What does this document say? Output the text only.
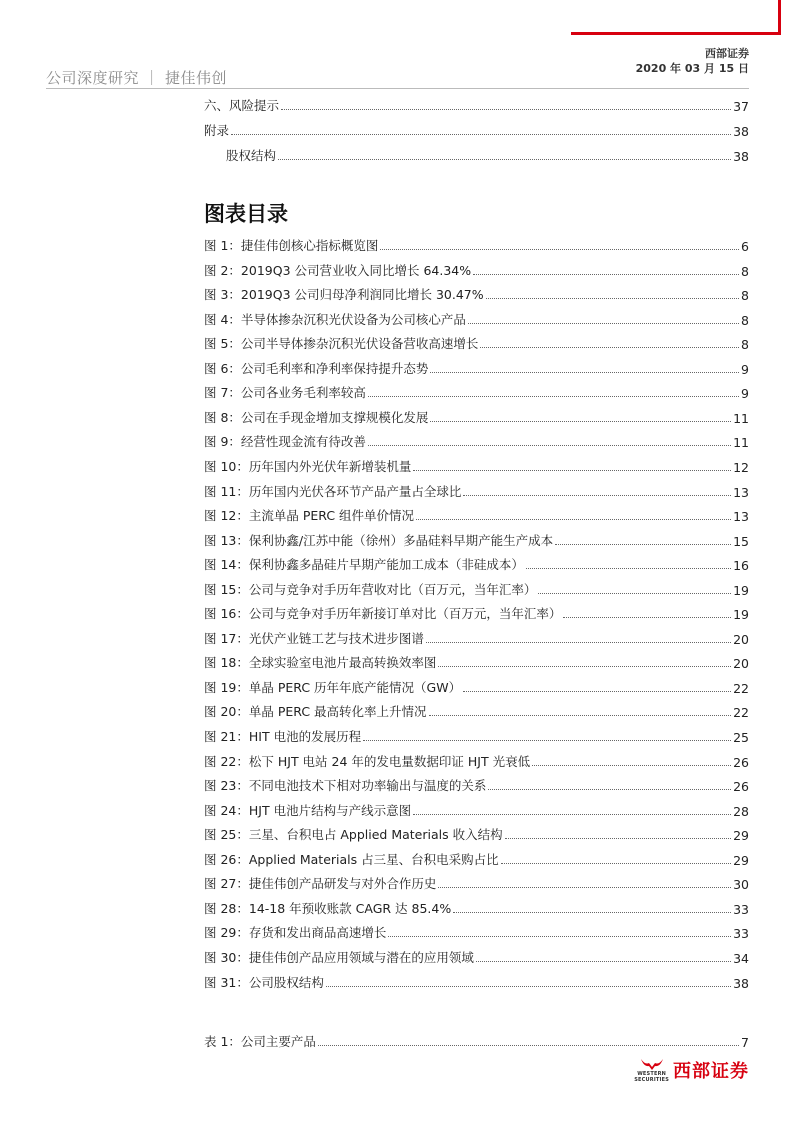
西部证券
2020 年 03 月 15 日
公司深度研究 ｜ 捷佳伟创
六、风险提示	37
附录	38
股权结构	38
图表目录
图 1：捷佳伟创核心指标概览图	6
图 2：2019Q3 公司营业收入同比增长 64.34%	8
图 3：2019Q3 公司归母净利润同比增长 30.47%	8
图 4：半导体掺杂沉积光伏设备为公司核心产品	8
图 5：公司半导体掺杂沉积光伏设备营收高速增长	8
图 6：公司毛利率和净利率保持提升态势	9
图 7：公司各业务毛利率较高	9
图 8：公司在手现金增加支撑规模化发展	11
图 9：经营性现金流有待改善	11
图 10：历年国内外光伏年新增装机量	12
图 11：历年国内光伏各环节产品产量占全球比	13
图 12：主流单晶 PERC 组件单价情况	13
图 13：保利协鑫/江苏中能（徐州）多晶硅料早期产能生产成本	15
图 14：保利协鑫多晶硅片早期产能加工成本（非硅成本）	16
图 15：公司与竞争对手历年营收对比（百万元，当年汇率）	19
图 16：公司与竞争对手历年新接订单对比（百万元，当年汇率）	19
图 17：光伏产业链工艺与技术进步图谱	20
图 18：全球实验室电池片最高转换效率图	20
图 19：单晶 PERC 历年年底产能情况（GW）	22
图 20：单晶 PERC 最高转化率上升情况	22
图 21：HIT 电池的发展历程	25
图 22：松下 HJT 电站 24 年的发电量数据印证 HJT 光衰低	26
图 23：不同电池技术下相对功率输出与温度的关系	26
图 24：HJT 电池片结构与产线示意图	28
图 25：三星、台积电占 Applied Materials 收入结构	29
图 26：Applied Materials 占三星、台积电采购占比	29
图 27：捷佳伟创产品研发与对外合作历史	30
图 28：14-18 年预收账款 CAGR 达 85.4%	33
图 29：存货和发出商品高速增长	33
图 30：捷佳伟创产品应用领域与潜在的应用领域	34
图 31：公司股权结构	38
表 1：公司主要产品	7
WESTERN
SECURITIES 西部证券
